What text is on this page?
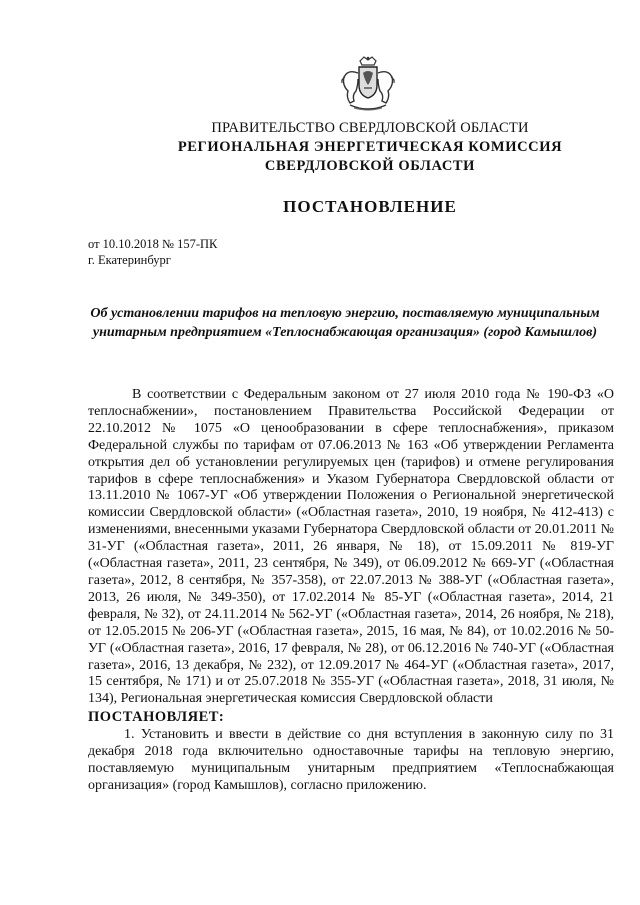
ПРАВИТЕЛЬСТВО СВЕРДЛОВСКОЙ ОБЛАСТИ
РЕГИОНАЛЬНАЯ ЭНЕРГЕТИЧЕСКАЯ КОМИССИЯ
СВЕРДЛОВСКОЙ ОБЛАСТИ
ПОСТАНОВЛЕНИЕ
от 10.10.2018 № 157-ПК
г. Екатеринбург
Об установлении тарифов на тепловую энергию, поставляемую муниципальным унитарным предприятием «Теплоснабжающая организация» (город Камышлов)

В соответствии с Федеральным законом от 27 июля 2010 года № 190-ФЗ «О теплоснабжении», постановлением Правительства Российской Федерации от 22.10.2012 № 1075 «О ценообразовании в сфере теплоснабжения», приказом Федеральной службы по тарифам от 07.06.2013 № 163 «Об утверждении Регламента открытия дел об установлении регулируемых цен (тарифов) и отмене регулирования тарифов в сфере теплоснабжения» и Указом Губернатора Свердловской области от 13.11.2010 № 1067-УГ «Об утверждении Положения о Региональной энергетической комиссии Свердловской области» («Областная газета», 2010, 19 ноября, № 412-413) с изменениями, внесенными указами Губернатора Свердловской области от 20.01.2011 № 31-УГ («Областная газета», 2011, 26 января, № 18), от 15.09.2011 № 819-УГ («Областная газета», 2011, 23 сентября, № 349), от 06.09.2012 № 669-УГ («Областная газета», 2012, 8 сентября, № 357-358), от 22.07.2013 № 388-УГ («Областная газета», 2013, 26 июля, № 349-350), от 17.02.2014 № 85-УГ («Областная газета», 2014, 21 февраля, № 32), от 24.11.2014 № 562-УГ («Областная газета», 2014, 26 ноября, № 218), от 12.05.2015 № 206-УГ («Областная газета», 2015, 16 мая, № 84), от 10.02.2016 № 50-УГ («Областная газета», 2016, 17 февраля, № 28), от 06.12.2016 № 740-УГ («Областная газета», 2016, 13 декабря, № 232), от 12.09.2017 № 464-УГ («Областная газета», 2017, 15 сентября, № 171) и от 25.07.2018 № 355-УГ («Областная газета», 2018, 31 июля, № 134), Региональная энергетическая комиссия Свердловской области

ПОСТАНОВЛЯЕТ:

1. Установить и ввести в действие со дня вступления в законную силу по 31 декабря 2018 года включительно одноставочные тарифы на тепловую энергию, поставляемую муниципальным унитарным предприятием «Теплоснабжающая организация» (город Камышлов), согласно приложению.
